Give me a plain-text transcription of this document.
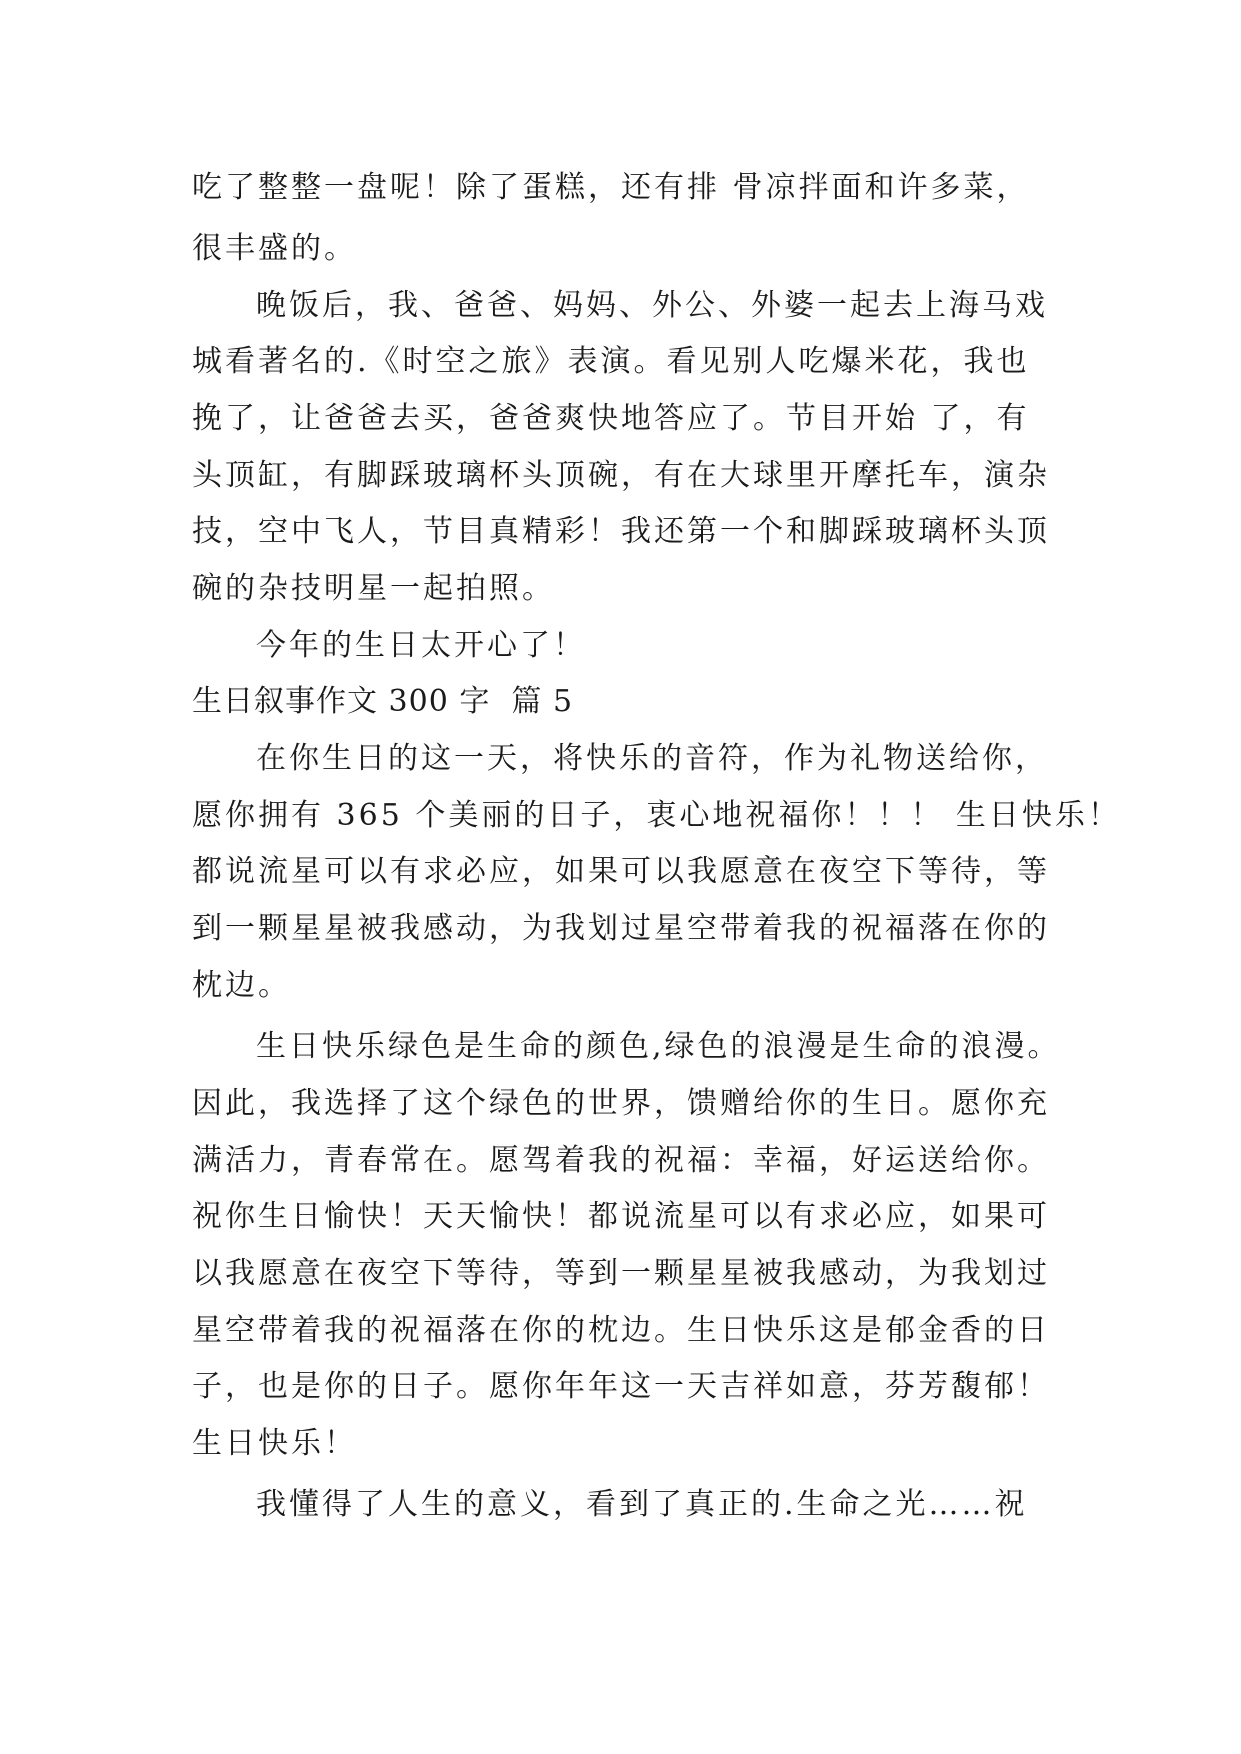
吃了整整一盘呢！除了蛋糕，还有排 骨凉拌面和许多菜，
很丰盛的。
晚饭后，我、爸爸、妈妈、外公、外婆一起去上海马戏
城看著名的.《时空之旅》表演。看见别人吃爆米花，我也
挽了，让爸爸去买，爸爸爽快地答应了。节目开始 了，有
头顶缸，有脚踩玻璃杯头顶碗，有在大球里开摩托车，演杂
技，空中飞人，节目真精彩！我还第一个和脚踩玻璃杯头顶
碗的杂技明星一起拍照。
今年的生日太开心了！
生日叙事作文 300 字  篇 5
在你生日的这一天，将快乐的音符，作为礼物送给你，
愿你拥有 365 个美丽的日子，衷心地祝福你！！！ 生日快乐！
都说流星可以有求必应，如果可以我愿意在夜空下等待，等
到一颗星星被我感动，为我划过星空带着我的祝福落在你的
枕边。
生日快乐绿色是生命的颜色,绿色的浪漫是生命的浪漫。
因此，我选择了这个绿色的世界，馈赠给你的生日。愿你充
满活力，青春常在。愿驾着我的祝福：幸福，好运送给你。
祝你生日愉快！天天愉快！都说流星可以有求必应，如果可
以我愿意在夜空下等待，等到一颗星星被我感动，为我划过
星空带着我的祝福落在你的枕边。生日快乐这是郁金香的日
子，也是你的日子。愿你年年这一天吉祥如意，芬芳馥郁！
生日快乐！
我懂得了人生的意义，看到了真正的.生命之光……祝
